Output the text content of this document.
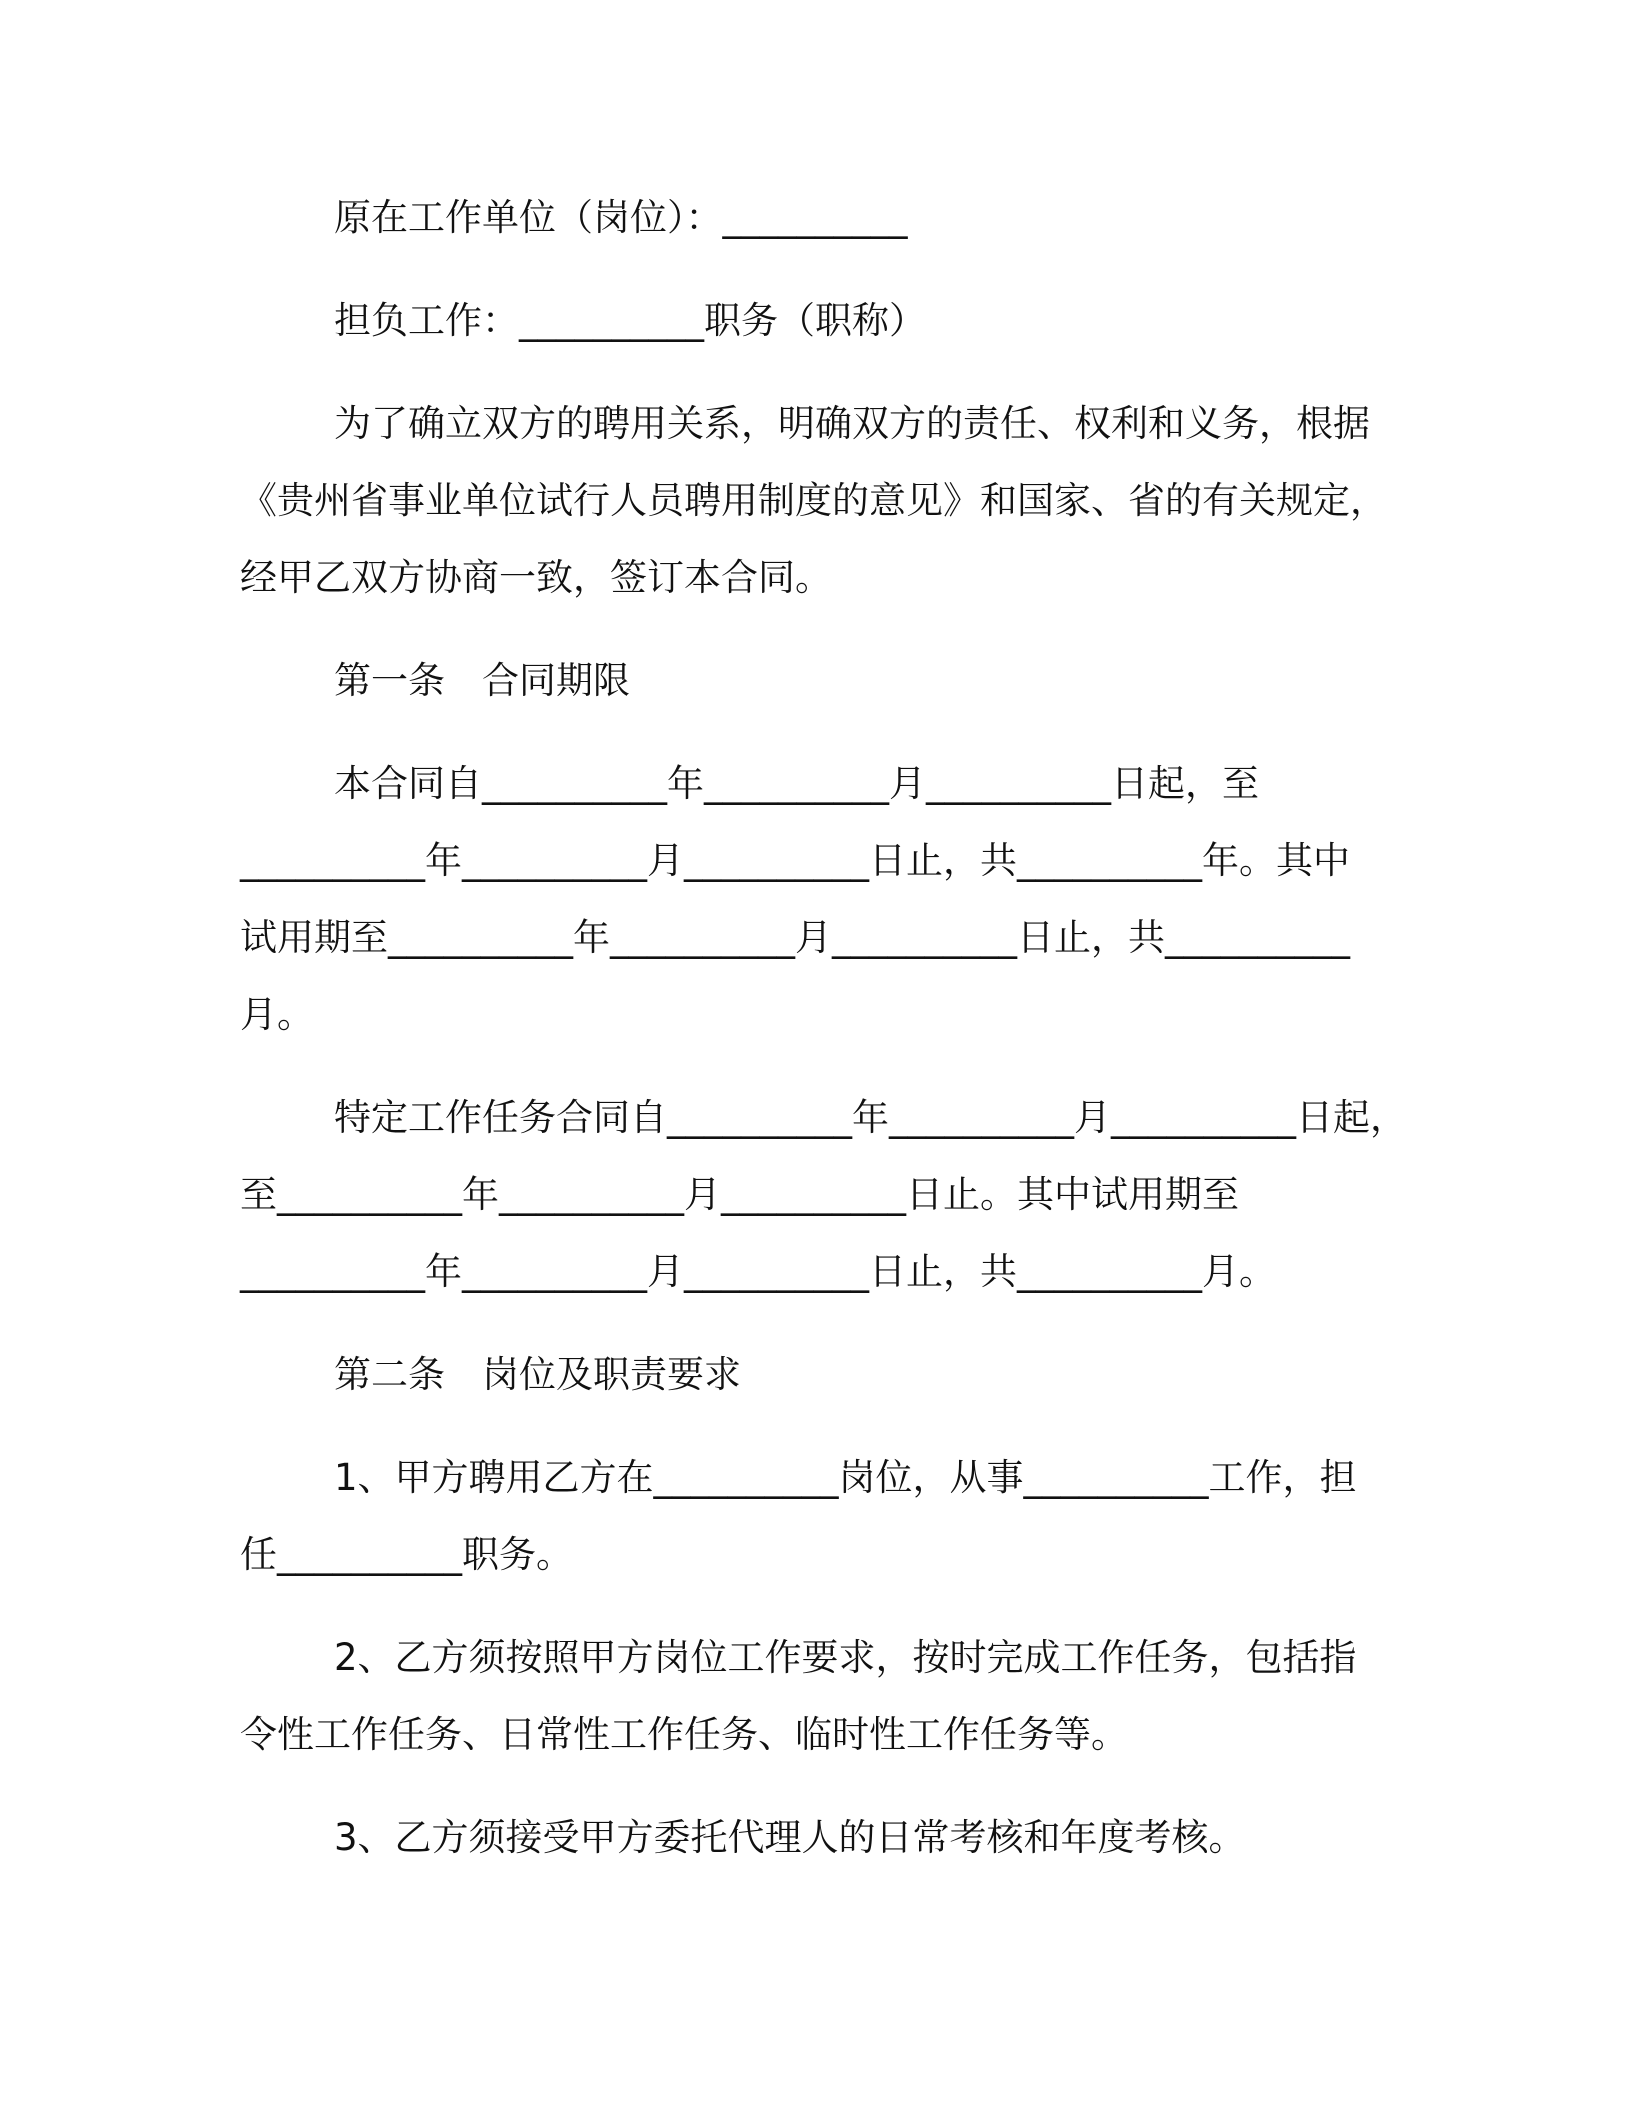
原在工作单位（岗位）：__________
担负工作：__________职务（职称）
为了确立双方的聘用关系，明确双方的责任、权利和义务，根据
《贵州省事业单位试行人员聘用制度的意见》和国家、省的有关规定，
经甲乙双方协商一致，签订本合同。
第一条　合同期限
本合同自__________年__________月__________日起，至
__________年__________月__________日止，共__________年。其中
试用期至__________年__________月__________日止，共__________
月。
特定工作任务合同自__________年__________月__________日起，
至__________年__________月__________日止。其中试用期至
__________年__________月__________日止，共__________月。
第二条　岗位及职责要求
1、甲方聘用乙方在__________岗位，从事__________工作，担
任__________职务。
2、乙方须按照甲方岗位工作要求，按时完成工作任务，包括指
令性工作任务、日常性工作任务、临时性工作任务等。
3、乙方须接受甲方委托代理人的日常考核和年度考核。
